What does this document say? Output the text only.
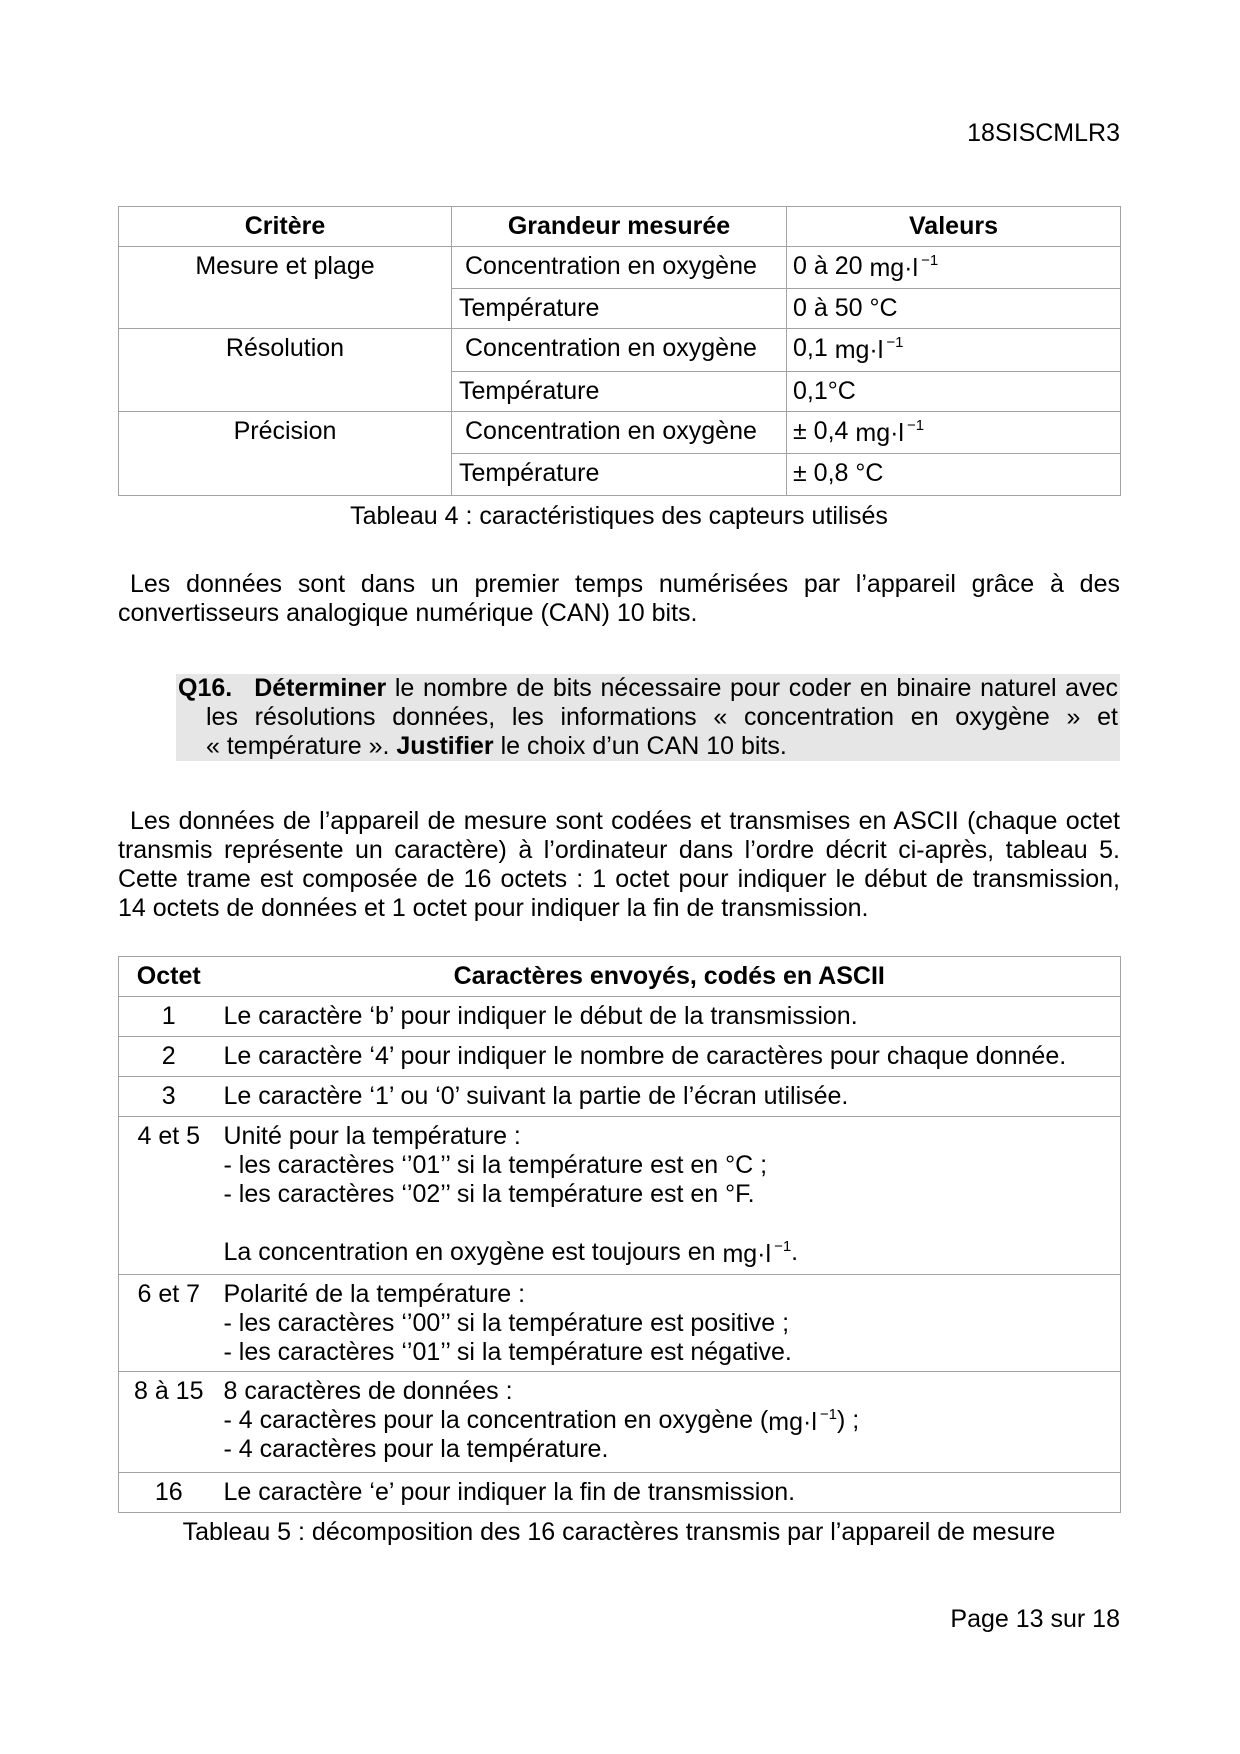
18SISCMLR3
Critère	Grandeur mesurée	Valeurs
Mesure et plage	Concentration en oxygène	0 à 20 mg·l $^{-1}$
	Température	0 à 50 °C
Résolution	Concentration en oxygène	0,1 mg·l $^{-1}$
	Température	0,1°C
Précision	Concentration en oxygène	± 0,4 mg·l $^{-1}$
	Température	± 0,8 °C
Tableau 4 : caractéristiques des capteurs utilisés
Les données sont dans un premier temps numérisées par l’appareil grâce à des
convertisseurs analogique numérique (CAN) 10 bits.
Q16. Déterminer le nombre de bits nécessaire pour coder en binaire naturel avec
les résolutions données, les informations « concentration en oxygène » et
« température ». Justifier le choix d’un CAN 10 bits.
Les données de l’appareil de mesure sont codées et transmises en ASCII (chaque octet
transmis représente un caractère) à l’ordinateur dans l’ordre décrit ci-après, tableau 5.
Cette trame est composée de 16 octets : 1 octet pour indiquer le début de transmission,
14 octets de données et 1 octet pour indiquer la fin de transmission.
Octet	Caractères envoyés, codés en ASCII
1	Le caractère ‘b’ pour indiquer le début de la transmission.
2	Le caractère ‘4’ pour indiquer le nombre de caractères pour chaque donnée.
3	Le caractère ‘1’ ou ‘0’ suivant la partie de l’écran utilisée.
4 et 5	Unité pour la température :
- les caractères ‘’01’’ si la température est en °C ;
- les caractères ‘’02’’ si la température est en °F.
La concentration en oxygène est toujours en mg·l $^{-1}$.

6 et 7	Polarité de la température :
- les caractères ‘’00’’ si la température est positive ;
- les caractères ‘’01’’ si la température est négative.

8 à 15	8 caractères de données :
- 4 caractères pour la concentration en oxygène (mg·l $^{-1}$) ;
- 4 caractères pour la température.

16	Le caractère ‘e’ pour indiquer la fin de transmission.
Tableau 5 : décomposition des 16 caractères transmis par l’appareil de mesure
Page 13 sur 18
